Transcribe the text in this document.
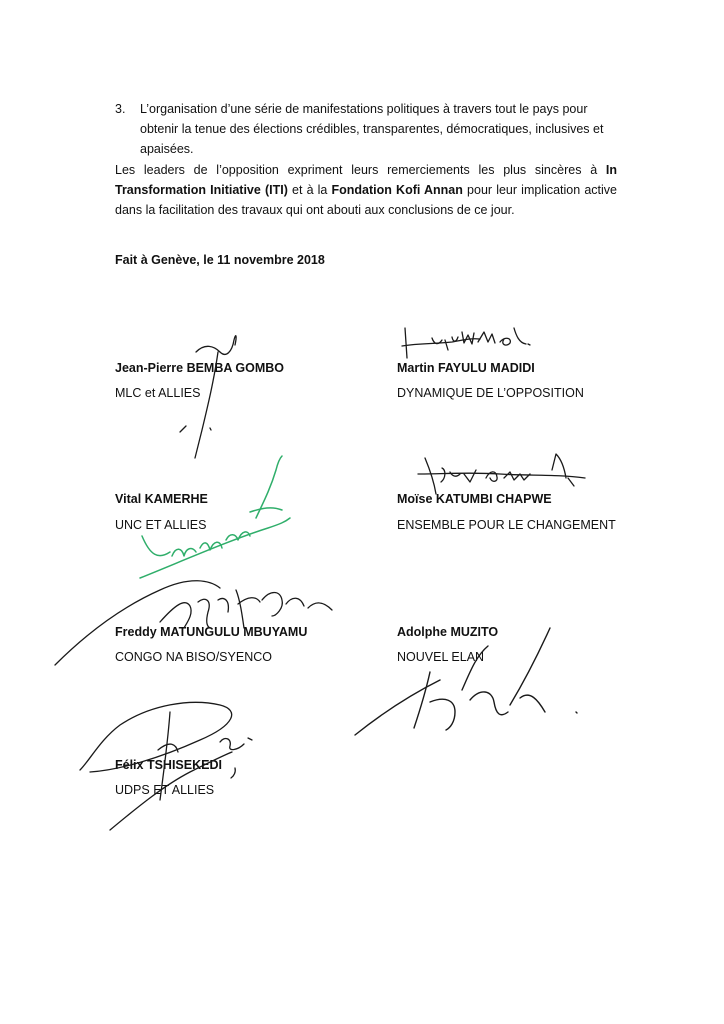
3.	L’organisation d’une série de manifestations politiques à travers tout le pays pour obtenir la tenue des élections crédibles, transparentes, démocratiques, inclusives et apaisées.
Les leaders de l’opposition expriment leurs remerciements les plus sincères à In Transformation Initiative (ITI) et à la Fondation Kofi Annan pour leur implication active dans la facilitation des travaux qui ont abouti aux conclusions de ce jour.
Fait à Genève, le 11 novembre 2018
Jean-Pierre BEMBA GOMBO
MLC et ALLIES
Vital KAMERHE
UNC ET ALLIES
Freddy MATUNGULU MBUYAMU
CONGO NA BISO/SYENCO
Félix TSHISEKEDI
UDPS ET ALLIES
Martin FAYULU MADIDI
DYNAMIQUE DE L’OPPOSITION
Moïse KATUMBI CHAPWE
ENSEMBLE POUR LE CHANGEMENT
Adolphe MUZITO
NOUVEL ELAN
